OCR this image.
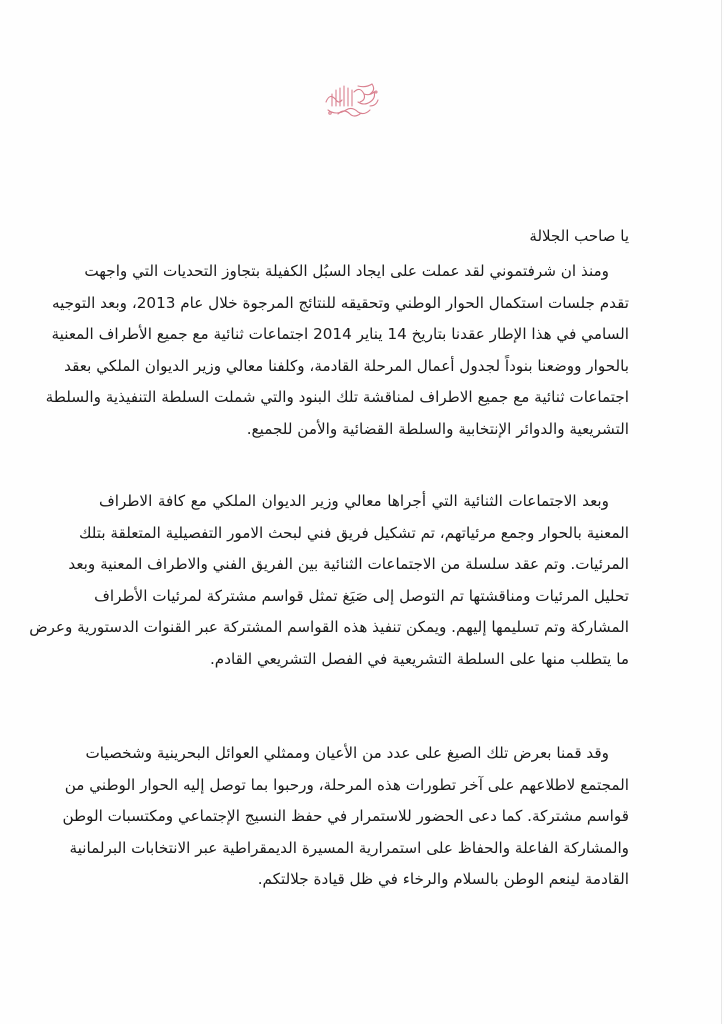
يا صاحب الجلالة

ومنذ ان شرفتموني لقد عملت على ايجاد السبُل الكفيلة بتجاوز التحديات التي واجهت
تقدم جلسات استكمال الحوار الوطني وتحقيقه للنتائج المرجوة خلال عام 2013، وبعد التوجيه
السامي في هذا الإطار عقدنا بتاريخ 14 يناير 2014 اجتماعات ثنائية مع جميع الأطراف المعنية
بالحوار ووضعنا بنوداً لجدول أعمال المرحلة القادمة، وكلفنا معالي وزير الديوان الملكي بعقد
اجتماعات ثنائية مع جميع الاطراف لمناقشة تلك البنود والتي شملت السلطة التنفيذية والسلطة
التشريعية والدوائر الإنتخابية والسلطة القضائية والأمن للجميع.
وبعد الاجتماعات الثنائية التي أجراها معالي وزير الديوان الملكي مع كافة الاطراف
المعنية بالحوار وجمع مرئياتهم، تم تشكيل فريق فني لبحث الامور التفصيلية المتعلقة بتلك
المرئيات. وتم عقد سلسلة من الاجتماعات الثنائية بين الفريق الفني والاطراف المعنية وبعد
تحليل المرئيات ومناقشتها تم التوصل إلى صَيَغ تمثل قواسم مشتركة لمرئيات الأطراف
المشاركة وتم تسليمها إليهم. ويمكن تنفيذ هذه القواسم المشتركة عبر القنوات الدستورية وعرض
ما يتطلب منها على السلطة التشريعية في الفصل التشريعي القادم.
وقد قمنا بعرض تلك الصيغ على عدد من الأعيان وممثلي العوائل البحرينية وشخصيات
المجتمع لاطلاعهم على آخر تطورات هذه المرحلة، ورحبوا بما توصل إليه الحوار الوطني من
قواسم مشتركة. كما دعى الحضور للاستمرار في حفظ النسيج الإجتماعي ومكتسبات الوطن
والمشاركة الفاعلة والحفاظ على استمرارية المسيرة الديمقراطية عبر الانتخابات البرلمانية
القادمة لينعم الوطن بالسلام والرخاء في ظل قيادة جلالتكم.
